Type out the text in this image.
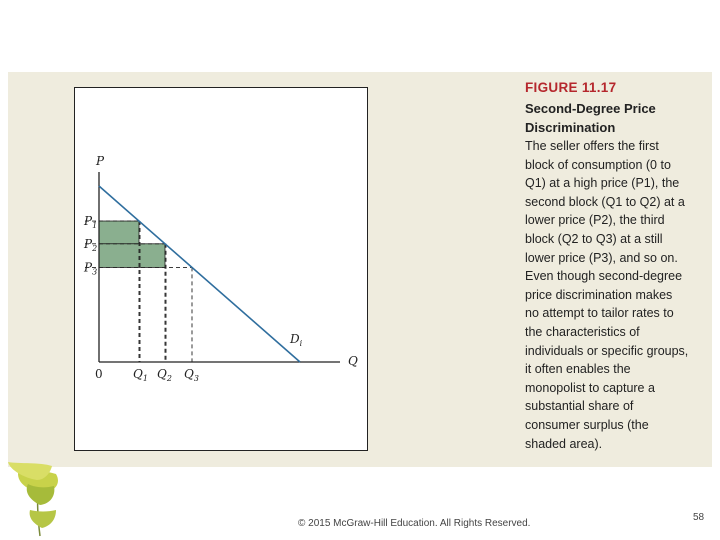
P
Q
0
$D_i$
$P_1$
$P_2$
$P_3$
$Q_1$ $Q_2$ $Q_3$
FIGURE 11.17
Second-Degree Price
Discrimination
The seller offers the first
block of consumption (0 to
Q1) at a high price (P1), the
second block (Q1 to Q2) at a
lower price (P2), the third
block (Q2 to Q3) at a still
lower price (P3), and so on.
Even though second-degree
price discrimination makes
no attempt to tailor rates to
the characteristics of
individuals or specific groups,
it often enables the
monopolist to capture a
substantial share of
consumer surplus (the
shaded area).
© 2015 McGraw-Hill Education. All Rights Reserved.
58
